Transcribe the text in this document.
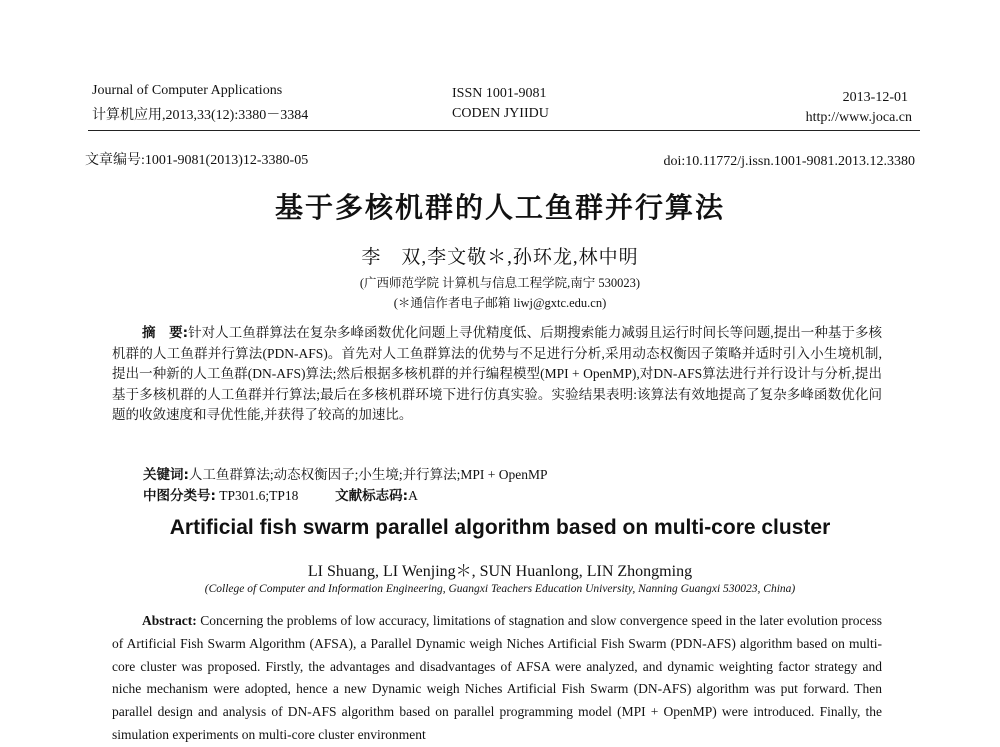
Journal of Computer Applications
计算机应用,2013,33(12):3380－3384
ISSN 1001-9081
CODEN JYIIDU
2013-12-01
http://www.joca.cn
文章编号:1001-9081(2013)12-3380-05	doi:10.11772/j.issn.1001-9081.2013.12.3380
基于多核机群的人工鱼群并行算法
李　双,李文敬＊,孙环龙,林中明
(广西师范学院 计算机与信息工程学院,南宁 530023)
(＊通信作者电子邮箱 liwj@gxtc.edu.cn)
摘　要:针对人工鱼群算法在复杂多峰函数优化问题上寻优精度低、后期搜索能力减弱且运行时间长等问题,提出一种基于多核机群的人工鱼群并行算法(PDN-AFS)。首先对人工鱼群算法的优势与不足进行分析,采用动态权衡因子策略并适时引入小生境机制,提出一种新的人工鱼群(DN-AFS)算法;然后根据多核机群的并行编程模型(MPI + OpenMP),对DN-AFS算法进行并行设计与分析,提出基于多核机群的人工鱼群并行算法;最后在多核机群环境下进行仿真实验。实验结果表明:该算法有效地提高了复杂多峰函数优化问题的收敛速度和寻优性能,并获得了较高的加速比。
关键词:人工鱼群算法;动态权衡因子;小生境;并行算法;MPI + OpenMP
中图分类号: TP301.6;TP18	文献标志码:A
Artificial fish swarm parallel algorithm based on multi-core cluster
LI Shuang, LI Wenjing＊, SUN Huanlong, LIN Zhongming
(College of Computer and Information Engineering, Guangxi Teachers Education University, Nanning Guangxi 530023, China)
Abstract: Concerning the problems of low accuracy, limitations of stagnation and slow convergence speed in the later evolution process of Artificial Fish Swarm Algorithm (AFSA), a Parallel Dynamic weigh Niches Artificial Fish Swarm (PDN-AFS) algorithm based on multi-core cluster was proposed. Firstly, the advantages and disadvantages of AFSA were analyzed, and dynamic weighting factor strategy and niche mechanism were adopted, hence a new Dynamic weigh Niches Artificial Fish Swarm (DN-AFS) algorithm was put forward. Then parallel design and analysis of DN-AFS algorithm based on parallel programming model (MPI + OpenMP) were introduced. Finally, the simulation experiments on multi-core cluster environment
